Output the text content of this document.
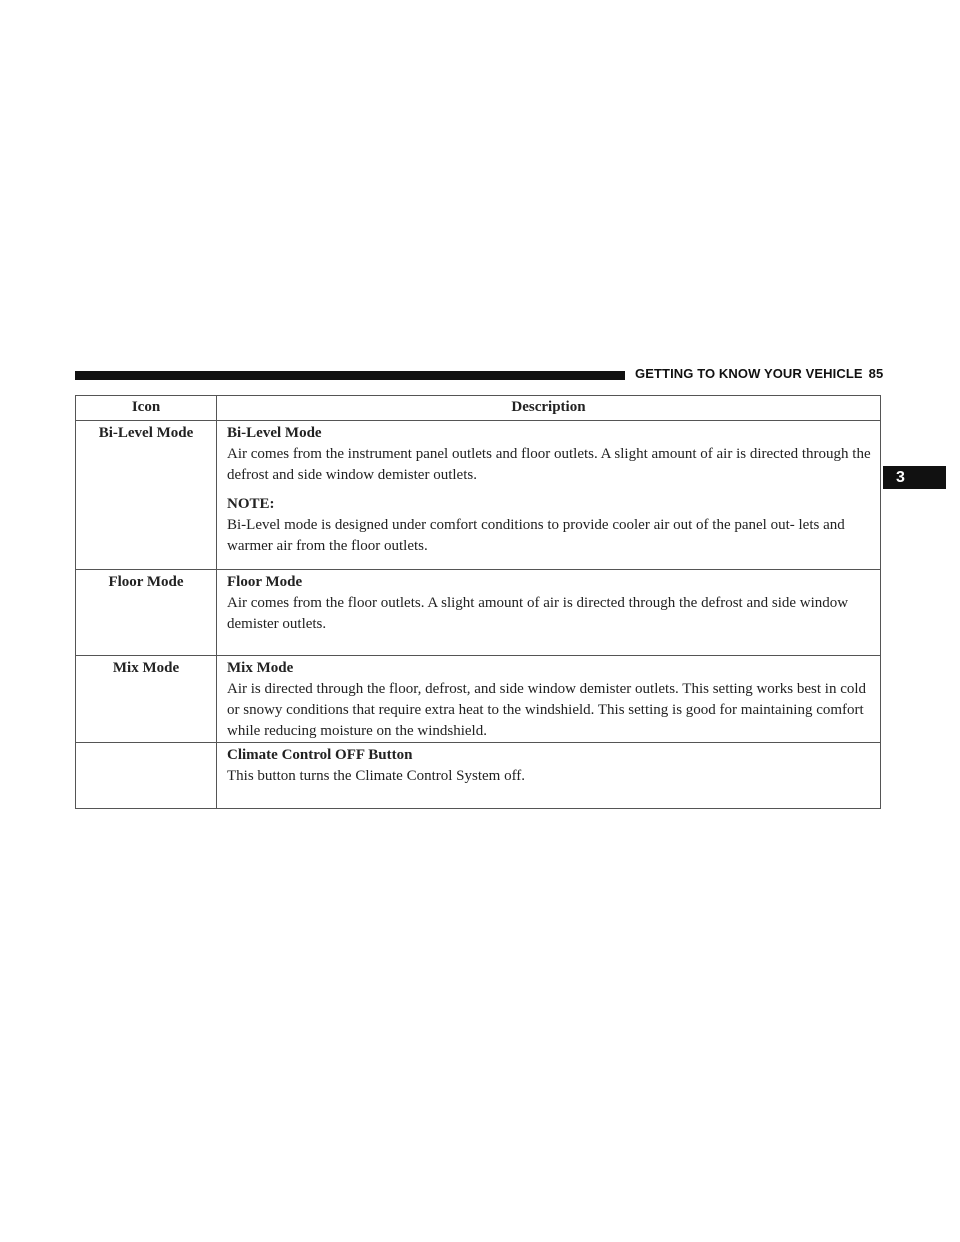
GETTING TO KNOW YOUR VEHICLE 85
3
Icon	Description
Bi-Level Mode	Bi-Level Mode
Air comes from the instrument panel outlets and floor outlets. A slight amount of air is directed through the defrost and side window demister outlets.
NOTE:
Bi-Level mode is designed under comfort conditions to provide cooler air out of the panel out- lets and warmer air from the floor outlets.

Floor Mode	Floor Mode
Air comes from the floor outlets. A slight amount of air is directed through the defrost and side window demister outlets.

Mix Mode	Mix Mode
Air is directed through the floor, defrost, and side window demister outlets. This setting works best in cold or snowy conditions that require extra heat to the windshield. This setting is good for maintaining comfort while reducing moisture on the windshield.

	Climate Control OFF Button
This button turns the Climate Control System off.
